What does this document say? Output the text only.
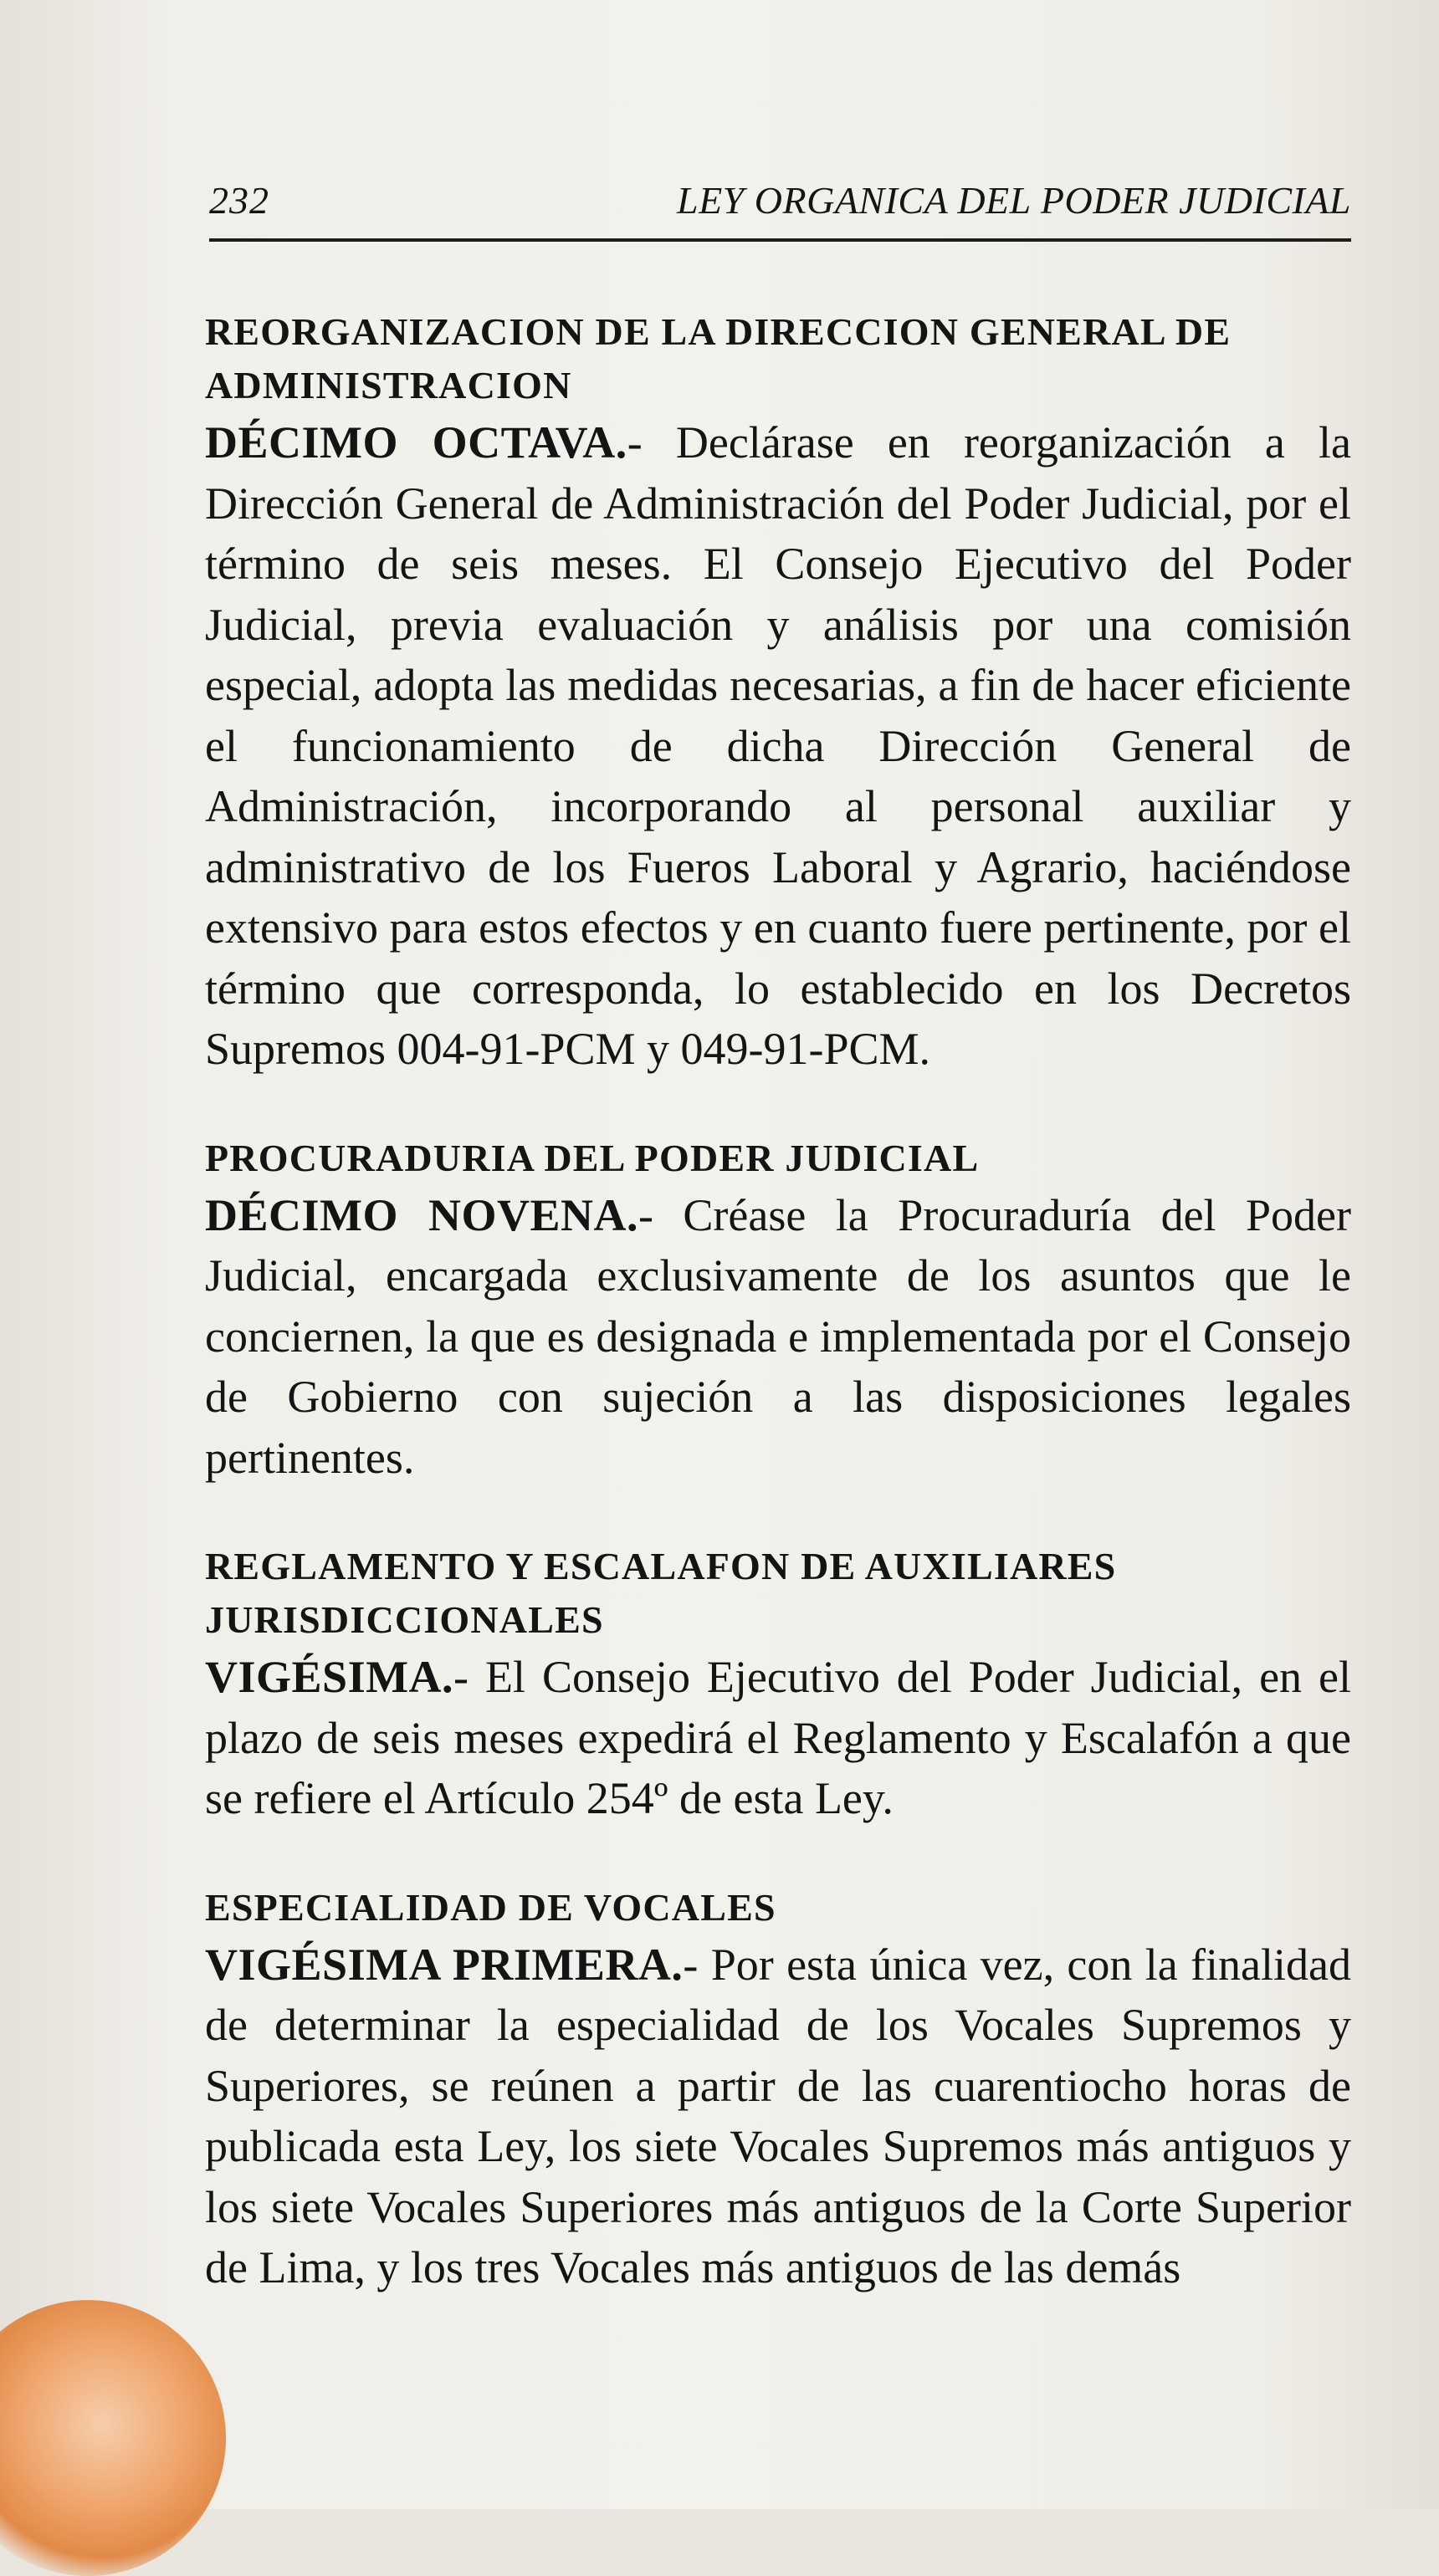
232	LEY ORGANICA DEL PODER JUDICIAL

REORGANIZACION DE LA DIRECCION GENERAL DE ADMINISTRACION

DÉCIMO OCTAVA.- Declárase en reorganización a la Dirección General de Administración del Poder Judicial, por el término de seis meses. El Consejo Ejecutivo del Poder Judicial, previa evaluación y análisis por una comisión especial, adopta las medidas necesarias, a fin de hacer eficiente el funcionamiento de dicha Dirección General de Administración, incorporando al personal auxiliar y administrativo de los Fueros Laboral y Agrario, haciéndose extensivo para estos efectos y en cuanto fuere pertinente, por el término que corresponda, lo establecido en los Decretos Supremos 004-91-PCM y 049-91-PCM.

PROCURADURIA DEL PODER JUDICIAL

DÉCIMO NOVENA.- Créase la Procuraduría del Poder Judicial, encargada exclusivamente de los asuntos que le conciernen, la que es designada e implementada por el Consejo de Gobierno con sujeción a las disposiciones legales pertinentes.

REGLAMENTO Y ESCALAFON DE AUXILIARES JURISDICCIONALES

VIGÉSIMA.- El Consejo Ejecutivo del Poder Judicial, en el plazo de seis meses expedirá el Reglamento y Escalafón a que se refiere el Artículo 254º de esta Ley.

ESPECIALIDAD DE VOCALES

VIGÉSIMA PRIMERA.- Por esta única vez, con la finalidad de determinar la especialidad de los Vocales Supremos y Superiores, se reúnen a partir de las cuarentiocho horas de publicada esta Ley, los siete Vocales Supremos más antiguos y los siete Vocales Superiores más antiguos de la Corte Superior de Lima, y los tres Vocales más antiguos de las demás
